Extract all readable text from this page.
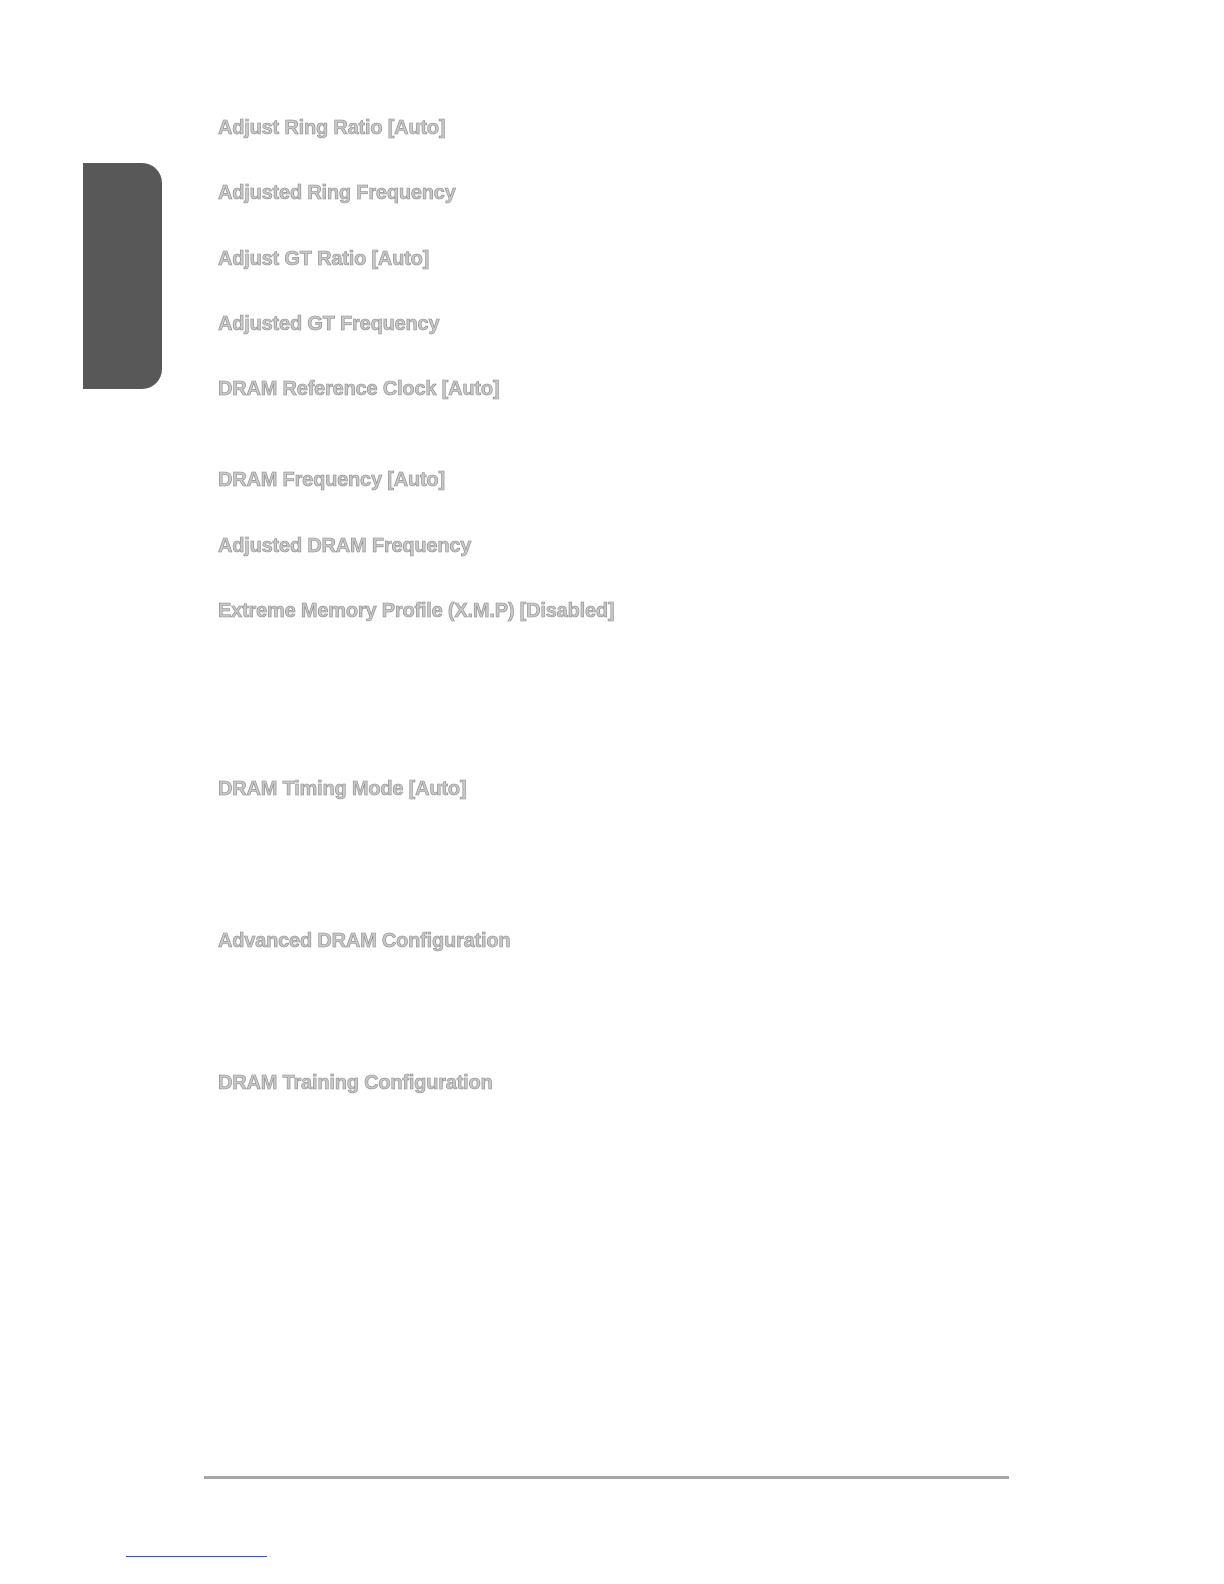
Adjust Ring Ratio [Auto]
Adjusted Ring Frequency
Adjust GT Ratio [Auto]
Adjusted GT Frequency
DRAM Reference Clock [Auto]
DRAM Frequency [Auto]
Adjusted DRAM Frequency
Extreme Memory Profile (X.M.P) [Disabled]
DRAM Timing Mode [Auto]
Advanced DRAM Configuration
DRAM Training Configuration
